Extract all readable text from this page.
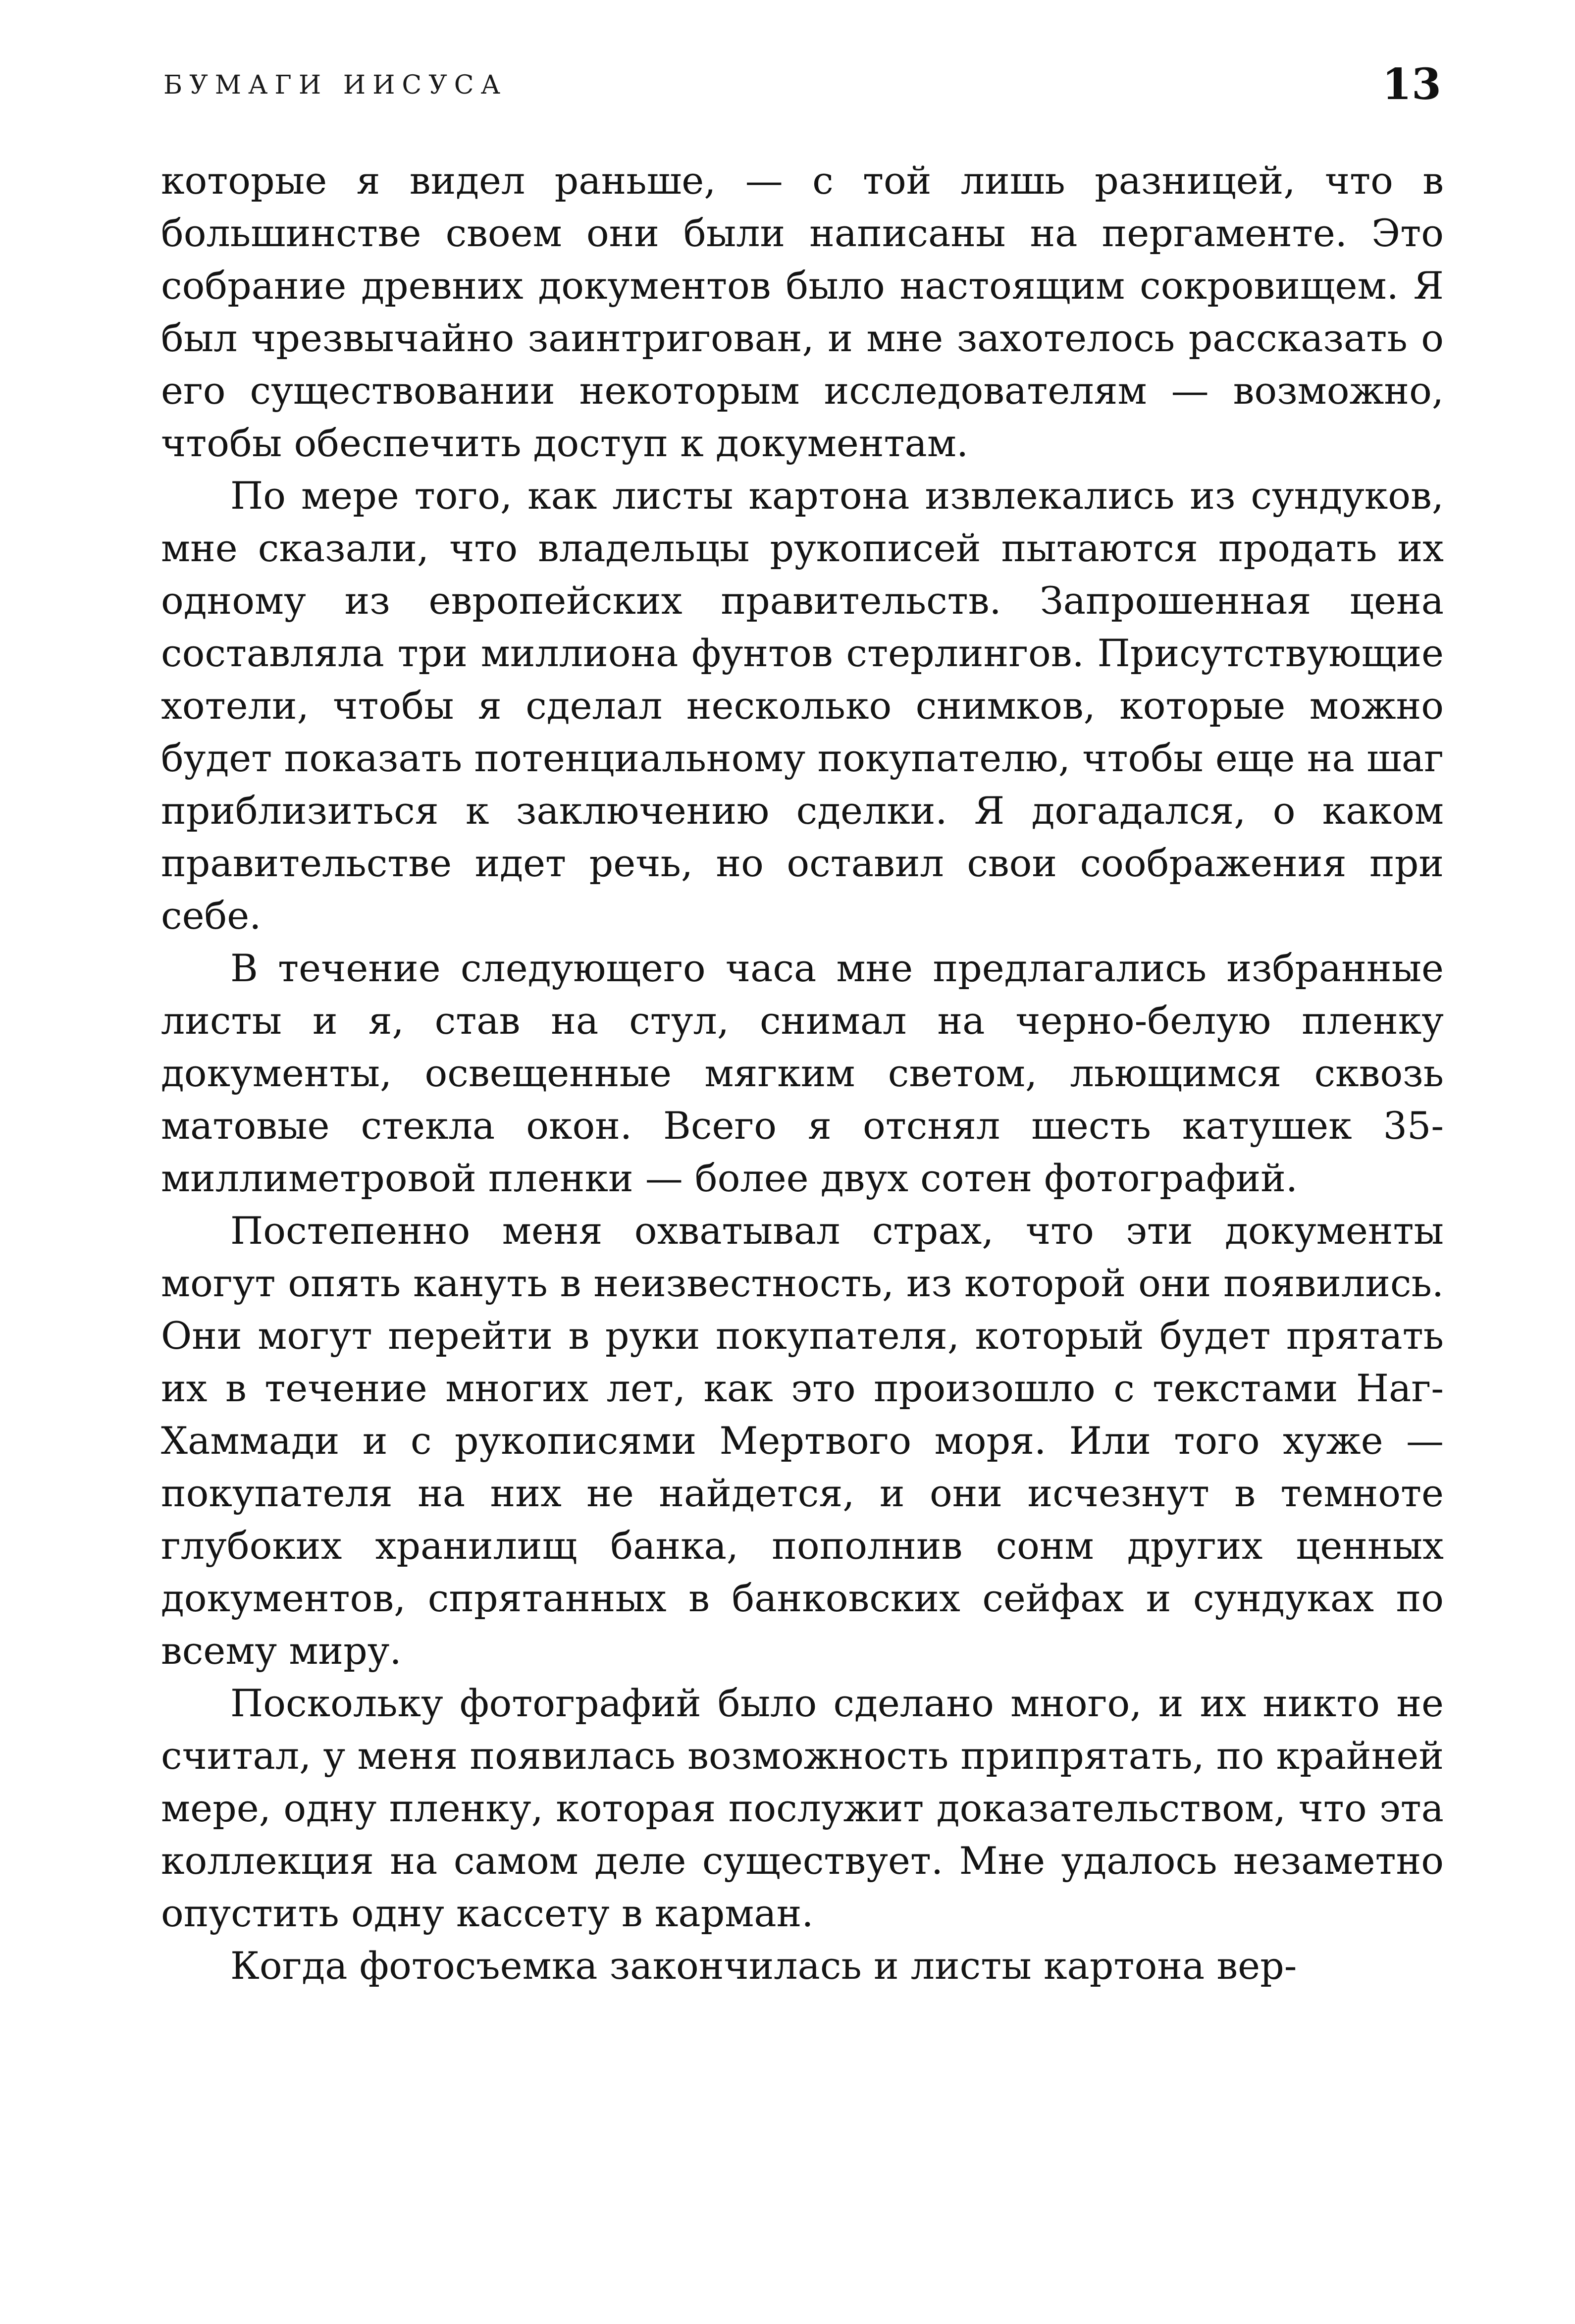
БУМАГИ ИИСУСА	13

которые я видел раньше, — с той лишь разницей, что в большинстве своем они были написаны на пергаменте. Это собрание древних документов было настоящим сокровищем. Я был чрезвычайно заинтригован, и мне захотелось рассказать о его существовании некоторым исследователям — возможно, чтобы обеспечить доступ к документам.

По мере того, как листы картона извлекались из сундуков, мне сказали, что владельцы рукописей пытаются продать их одному из европейских правительств. Запрошенная цена составляла три миллиона фунтов стерлингов. Присутствующие хотели, чтобы я сделал несколько снимков, которые можно будет показать потенциальному покупателю, чтобы еще на шаг приблизиться к заключению сделки. Я догадался, о каком правительстве идет речь, но оставил свои соображения при себе.

В течение следующего часа мне предлагались избранные листы и я, став на стул, снимал на черно-белую пленку документы, освещенные мягким светом, льющимся сквозь матовые стекла окон. Всего я отснял шесть катушек 35-миллиметровой пленки — более двух сотен фотографий.

Постепенно меня охватывал страх, что эти документы могут опять кануть в неизвестность, из которой они появились. Они могут перейти в руки покупателя, который будет прятать их в течение многих лет, как это произошло с текстами Наг-Хаммади и с рукописями Мертвого моря. Или того хуже — покупателя на них не найдется, и они исчезнут в темноте глубоких хранилищ банка, пополнив сонм других ценных документов, спрятанных в банковских сейфах и сундуках по всему миру.

Поскольку фотографий было сделано много, и их никто не считал, у меня появилась возможность припрятать, по крайней мере, одну пленку, которая послужит доказательством, что эта коллекция на самом деле существует. Мне удалось незаметно опустить одну кассету в карман.

Когда фотосъемка закончилась и листы картона вер-
